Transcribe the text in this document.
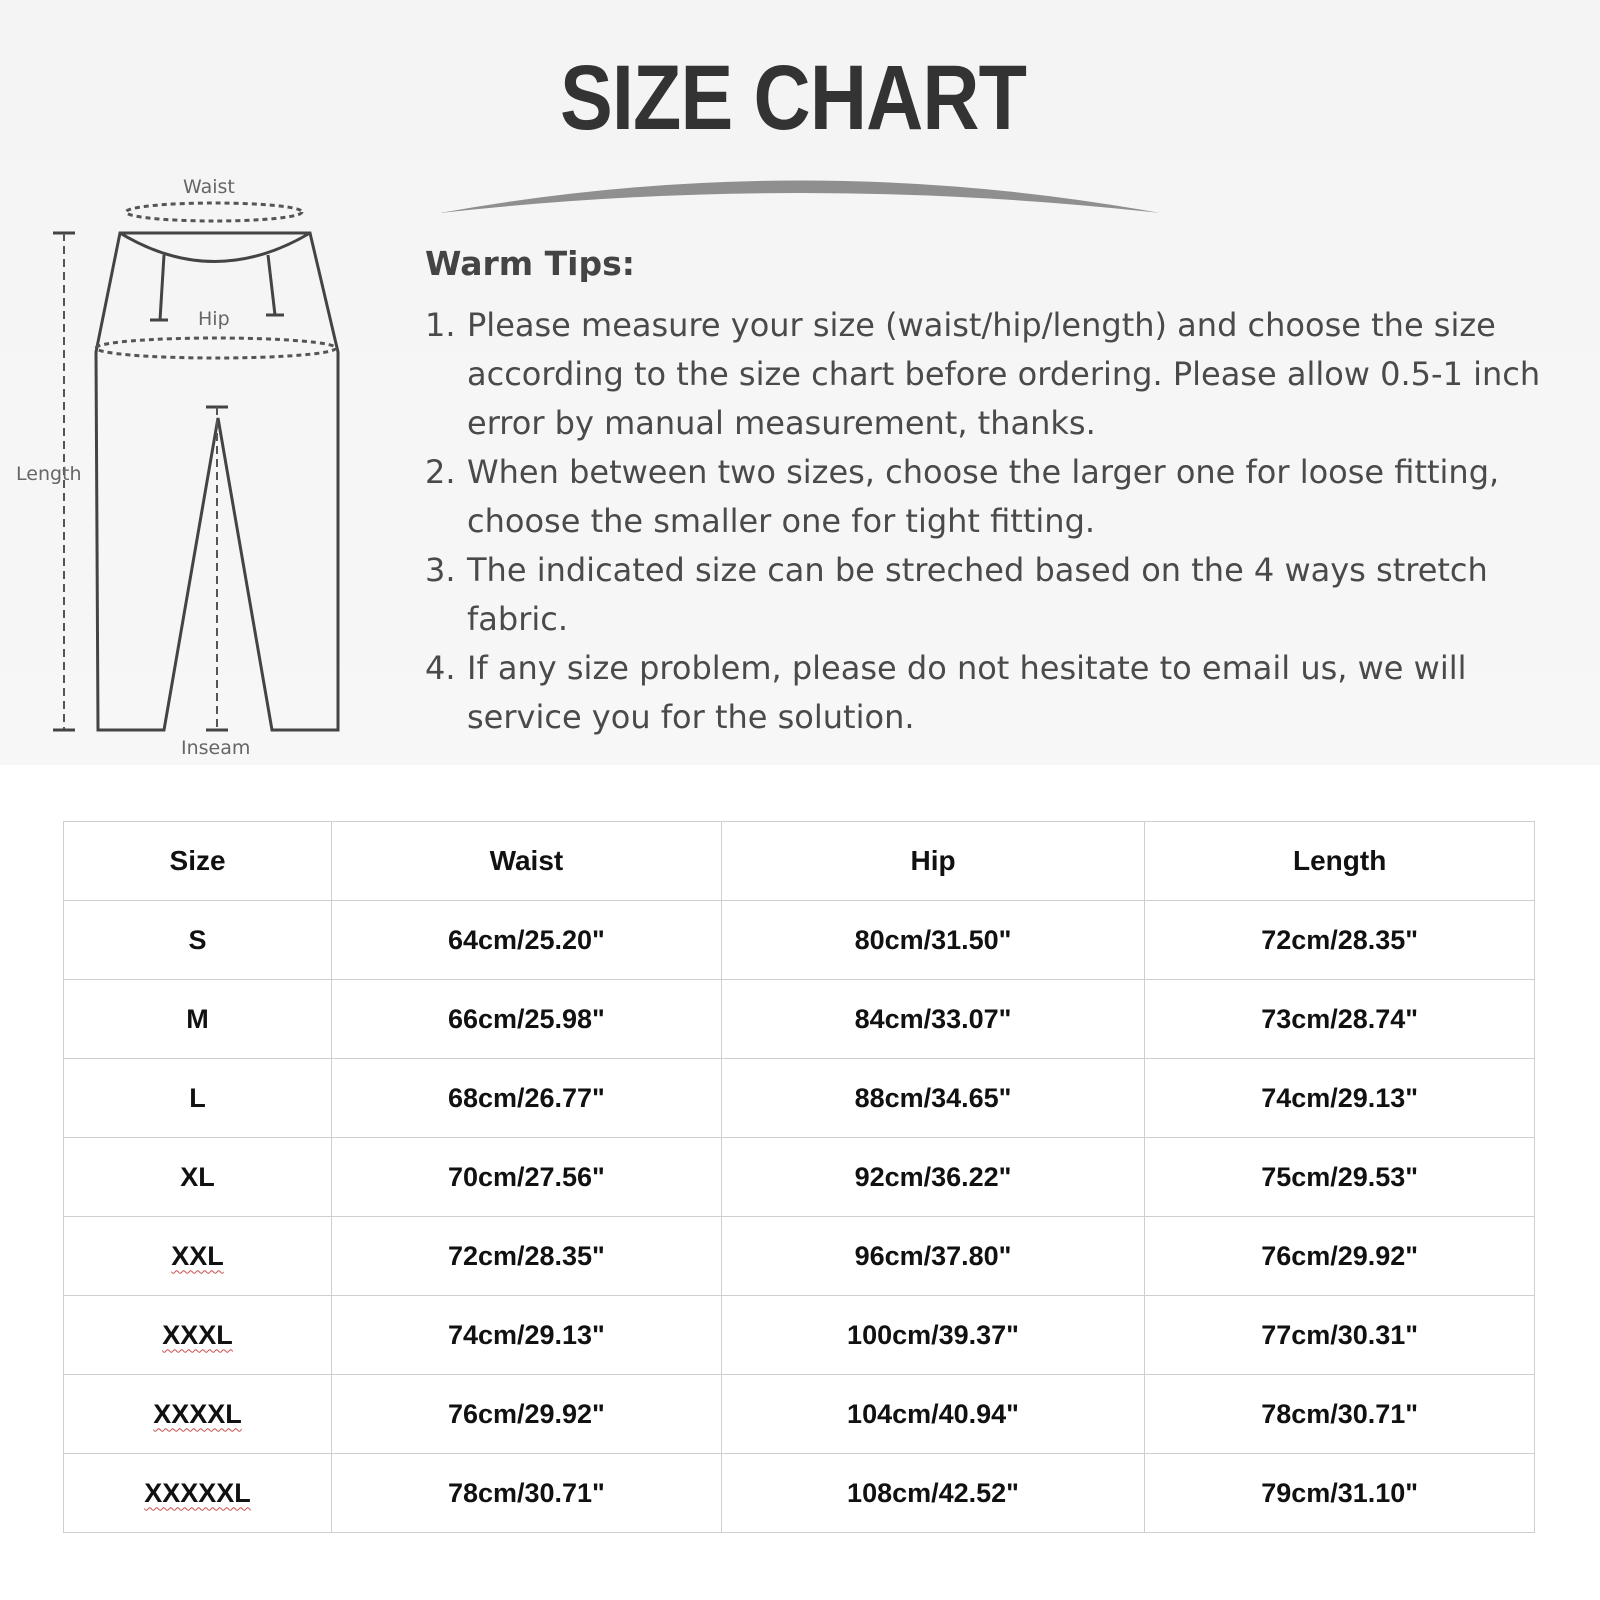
SIZE CHART
Waist
Hip
Length
Inseam
Warm Tips:
1. Please measure your size (waist/hip/length) and choose the size according to the size chart before ordering. Please allow 0.5-1 inch error by manual measurement, thanks.
2. When between two sizes, choose the larger one for loose fitting, choose the smaller one for tight fitting.
3. The indicated size can be streched based on the 4 ways stretch fabric.
4. If any size problem, please do not hesitate to email us, we will service you for the solution.
Size	Waist	Hip	Length
S	64cm/25.20"	80cm/31.50"	72cm/28.35"
M	66cm/25.98"	84cm/33.07"	73cm/28.74"
L	68cm/26.77"	88cm/34.65"	74cm/29.13"
XL	70cm/27.56"	92cm/36.22"	75cm/29.53"
XXL	72cm/28.35"	96cm/37.80"	76cm/29.92"
XXXL	74cm/29.13"	100cm/39.37"	77cm/30.31"
XXXXL	76cm/29.92"	104cm/40.94"	78cm/30.71"
XXXXXL	78cm/30.71"	108cm/42.52"	79cm/31.10"
